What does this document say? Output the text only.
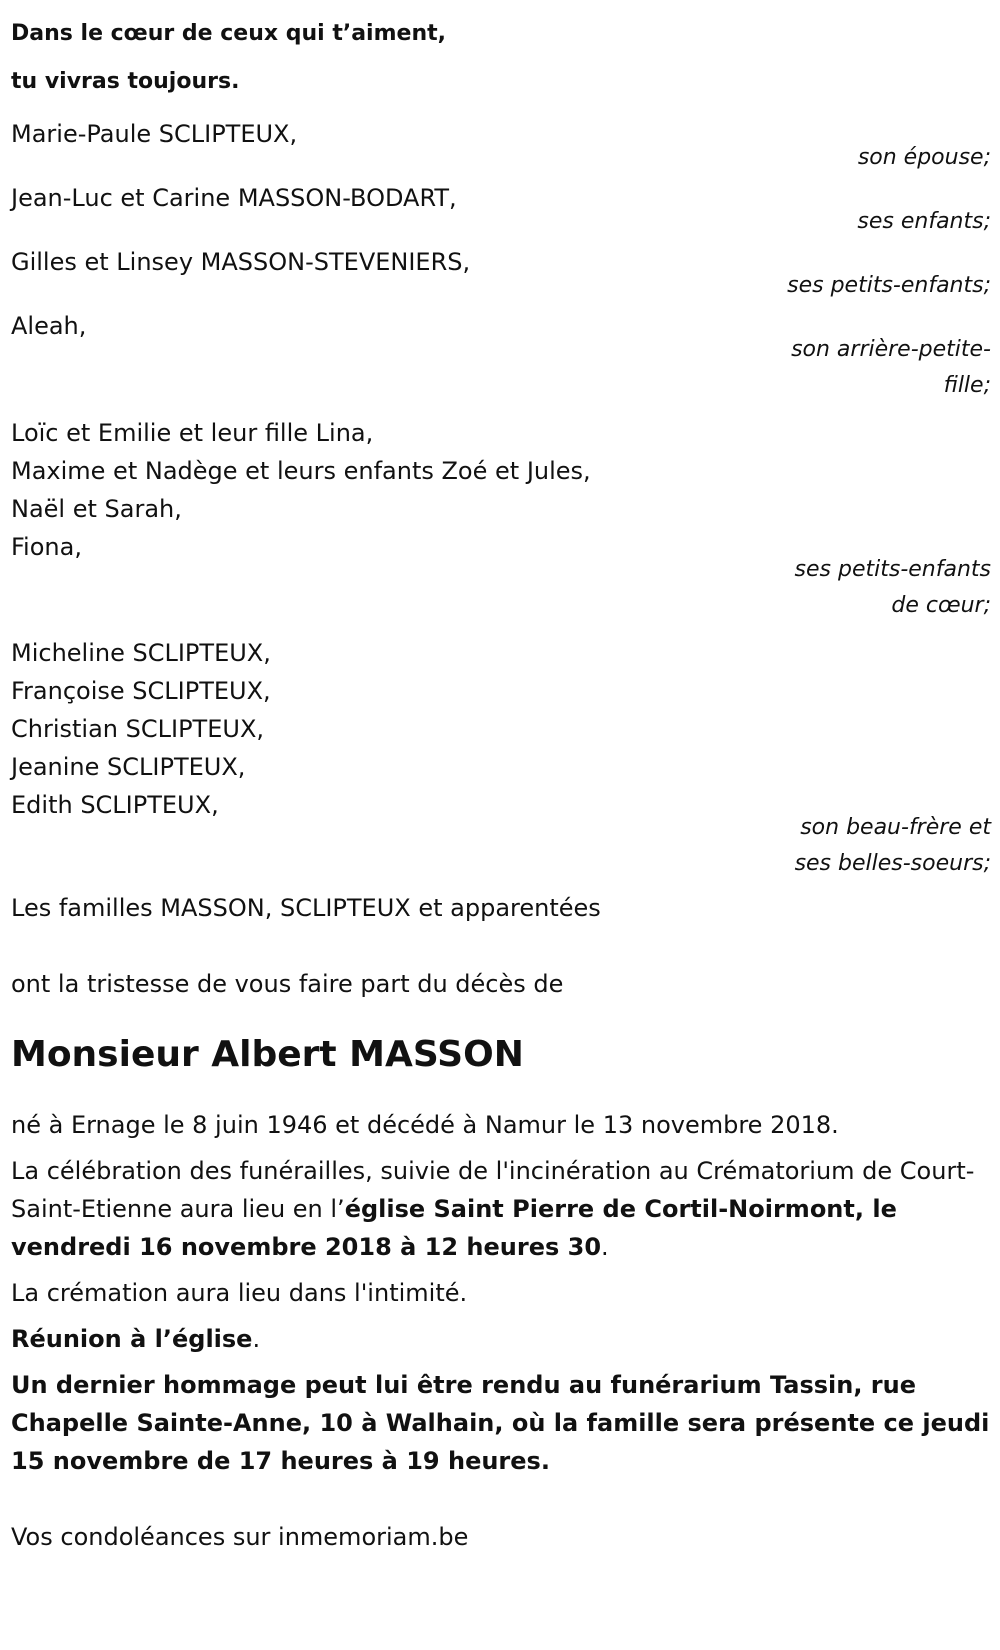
Dans le cœur de ceux qui t’aiment,
tu vivras toujours.
Marie-Paule SCLIPTEUX,
son épouse;
Jean-Luc et Carine MASSON-BODART,
ses enfants;
Gilles et Linsey MASSON-STEVENIERS,
ses petits-enfants;
Aleah,
son arrière-petite-
fille;
Loïc et Emilie et leur fille Lina,
Maxime et Nadège et leurs enfants Zoé et Jules,
Naël et Sarah,
Fiona,
ses petits-enfants
de cœur;
Micheline SCLIPTEUX,
Françoise SCLIPTEUX,
Christian SCLIPTEUX,
Jeanine SCLIPTEUX,
Edith SCLIPTEUX,
son beau-frère et
ses belles-soeurs;
Les familles MASSON, SCLIPTEUX et apparentées
ont la tristesse de vous faire part du décès de
Monsieur Albert MASSON

né à Ernage le 8 juin 1946 et décédé à Namur le 13 novembre 2018.

La célébration des funérailles, suivie de l'incinération au Crématorium de Court-Saint-Etienne aura lieu en l’église Saint Pierre de Cortil-Noirmont, le vendredi 16 novembre 2018 à 12 heures 30.

La crémation aura lieu dans l'intimité.

Réunion à l’église.

Un dernier hommage peut lui être rendu au funérarium Tassin, rue Chapelle Sainte-Anne, 10 à Walhain, où la famille sera présente ce jeudi 15 novembre de 17 heures à 19 heures.

Vos condoléances sur inmemoriam.be
